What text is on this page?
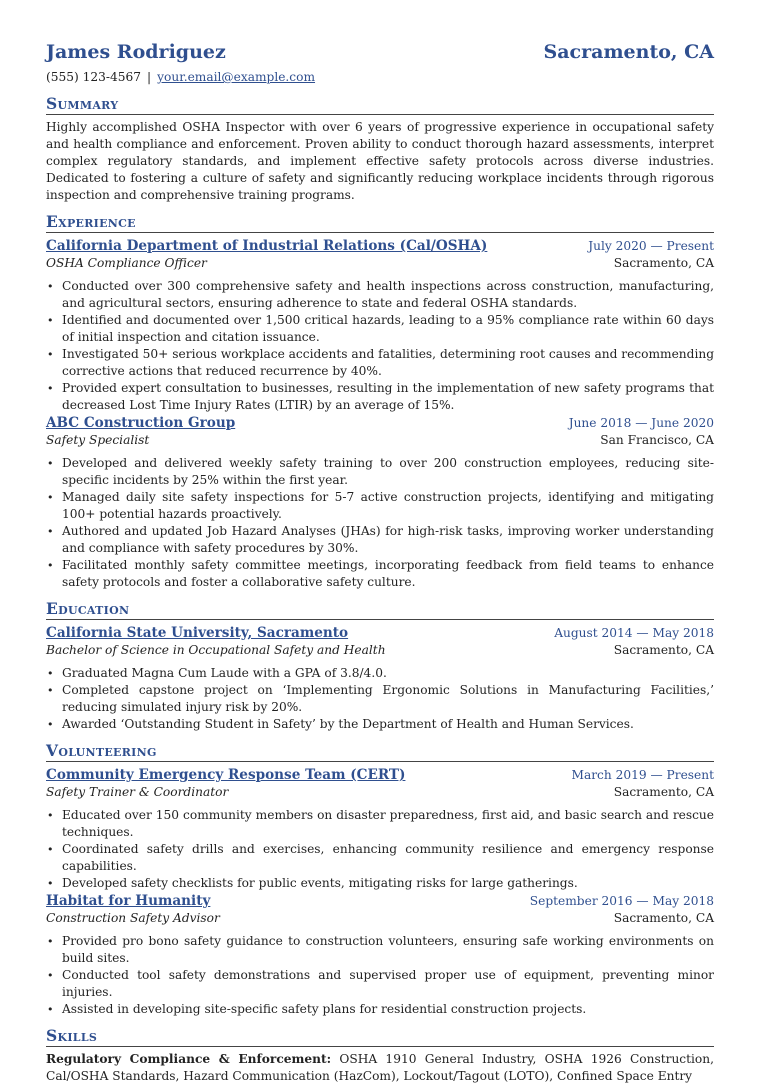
James Rodriguez	Sacramento, CA
(555) 123-4567 | your.email@example.com
Summary

Highly accomplished OSHA Inspector with over 6 years of progressive experience in occupational safety and health compliance and enforcement. Proven ability to conduct thorough hazard assessments, interpret complex regulatory standards, and implement effective safety protocols across diverse industries. Dedicated to fostering a culture of safety and significantly reducing workplace incidents through rigorous inspection and comprehensive training programs.

Experience
California Department of Industrial Relations (Cal/OSHA)	July 2020 — Present
OSHA Compliance Officer	Sacramento, CA
• Conducted over 300 comprehensive safety and health inspections across construction, manufacturing, and agricultural sectors, ensuring adherence to state and federal OSHA standards.
• Identified and documented over 1,500 critical hazards, leading to a 95% compliance rate within 60 days of initial inspection and citation issuance.
• Investigated 50+ serious workplace accidents and fatalities, determining root causes and recommending corrective actions that reduced recurrence by 40%.
• Provided expert consultation to businesses, resulting in the implementation of new safety programs that decreased Lost Time Injury Rates (LTIR) by an average of 15%.
ABC Construction Group	June 2018 — June 2020
Safety Specialist	San Francisco, CA
• Developed and delivered weekly safety training to over 200 construction employees, reducing site-specific incidents by 25% within the first year.
• Managed daily site safety inspections for 5-7 active construction projects, identifying and mitigating 100+ potential hazards proactively.
• Authored and updated Job Hazard Analyses (JHAs) for high-risk tasks, improving worker understanding and compliance with safety procedures by 30%.
• Facilitated monthly safety committee meetings, incorporating feedback from field teams to enhance safety protocols and foster a collaborative safety culture.
Education
California State University, Sacramento	August 2014 — May 2018
Bachelor of Science in Occupational Safety and Health	Sacramento, CA
• Graduated Magna Cum Laude with a GPA of 3.8/4.0.
• Completed capstone project on ‘Implementing Ergonomic Solutions in Manufacturing Facilities,’ reducing simulated injury risk by 20%.
• Awarded ‘Outstanding Student in Safety’ by the Department of Health and Human Services.
Volunteering
Community Emergency Response Team (CERT)	March 2019 — Present
Safety Trainer & Coordinator	Sacramento, CA
• Educated over 150 community members on disaster preparedness, first aid, and basic search and rescue techniques.
• Coordinated safety drills and exercises, enhancing community resilience and emergency response capabilities.
• Developed safety checklists for public events, mitigating risks for large gatherings.
Habitat for Humanity	September 2016 — May 2018
Construction Safety Advisor	Sacramento, CA
• Provided pro bono safety guidance to construction volunteers, ensuring safe working environments on build sites.
• Conducted tool safety demonstrations and supervised proper use of equipment, preventing minor injuries.
• Assisted in developing site-specific safety plans for residential construction projects.
Skills
Regulatory Compliance & Enforcement: OSHA 1910 General Industry, OSHA 1926 Construction, Cal/OSHA Standards, Hazard Communication (HazCom), Lockout/Tagout (LOTO), Confined Space Entry
